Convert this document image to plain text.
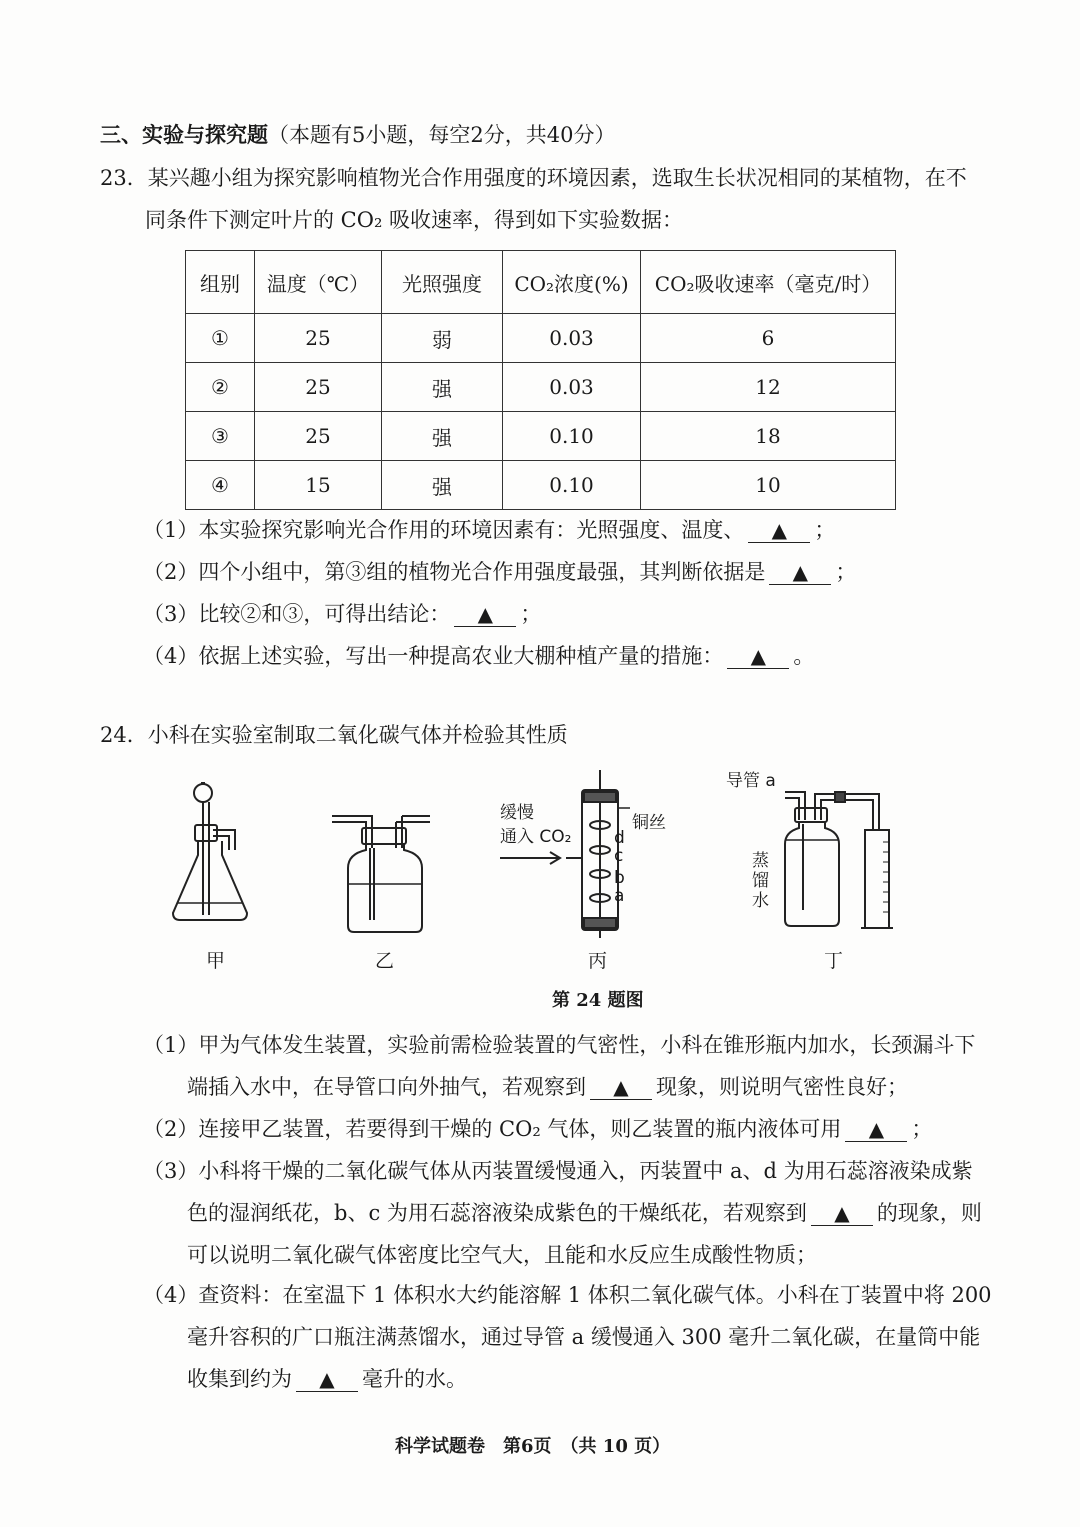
三、实验与探究题（本题有5小题，每空2分，共40分）
23．某兴趣小组为探究影响植物光合作用强度的环境因素，选取生长状况相同的某植物，在不
同条件下测定叶片的 CO₂ 吸收速率，得到如下实验数据：
组别	温度（℃）	光照强度	CO₂浓度(%)	CO₂吸收速率（毫克/时）
①	25	弱	0.03	6
②	25	强	0.03	12
③	25	强	0.10	18
④	15	强	0.10	10
（1）本实验探究影响光合作用的环境因素有：光照强度、温度、 ▲ ；
（2）四个小组中，第③组的植物光合作用强度最强，其判断依据是 ▲ ；
（3）比较②和③，可得出结论： ▲ ；
（4）依据上述实验，写出一种提高农业大棚种植产量的措施： ▲ 。
24．小科在实验室制取二氧化碳气体并检验其性质
甲	乙
缓慢
通入 CO₂
铜丝
d
c
b
a
丙
导管 a
蒸
馏
水
丁
第 24 题图
（1）甲为气体发生装置，实验前需检验装置的气密性，小科在锥形瓶内加水，长颈漏斗下
端插入水中，在导管口向外抽气，若观察到 ▲ 现象，则说明气密性良好；
（2）连接甲乙装置，若要得到干燥的 CO₂ 气体，则乙装置的瓶内液体可用 ▲ ；
（3）小科将干燥的二氧化碳气体从丙装置缓慢通入，丙装置中 a、d 为用石蕊溶液染成紫
色的湿润纸花，b、c 为用石蕊溶液染成紫色的干燥纸花，若观察到 ▲ 的现象，则
可以说明二氧化碳气体密度比空气大，且能和水反应生成酸性物质；
（4）查资料：在室温下 1 体积水大约能溶解 1 体积二氧化碳气体。小科在丁装置中将 200
毫升容积的广口瓶注满蒸馏水，通过导管 a 缓慢通入 300 毫升二氧化碳，在量筒中能
收集到约为 ▲ 毫升的水。
科学试题卷　第6页　（共 10 页）
